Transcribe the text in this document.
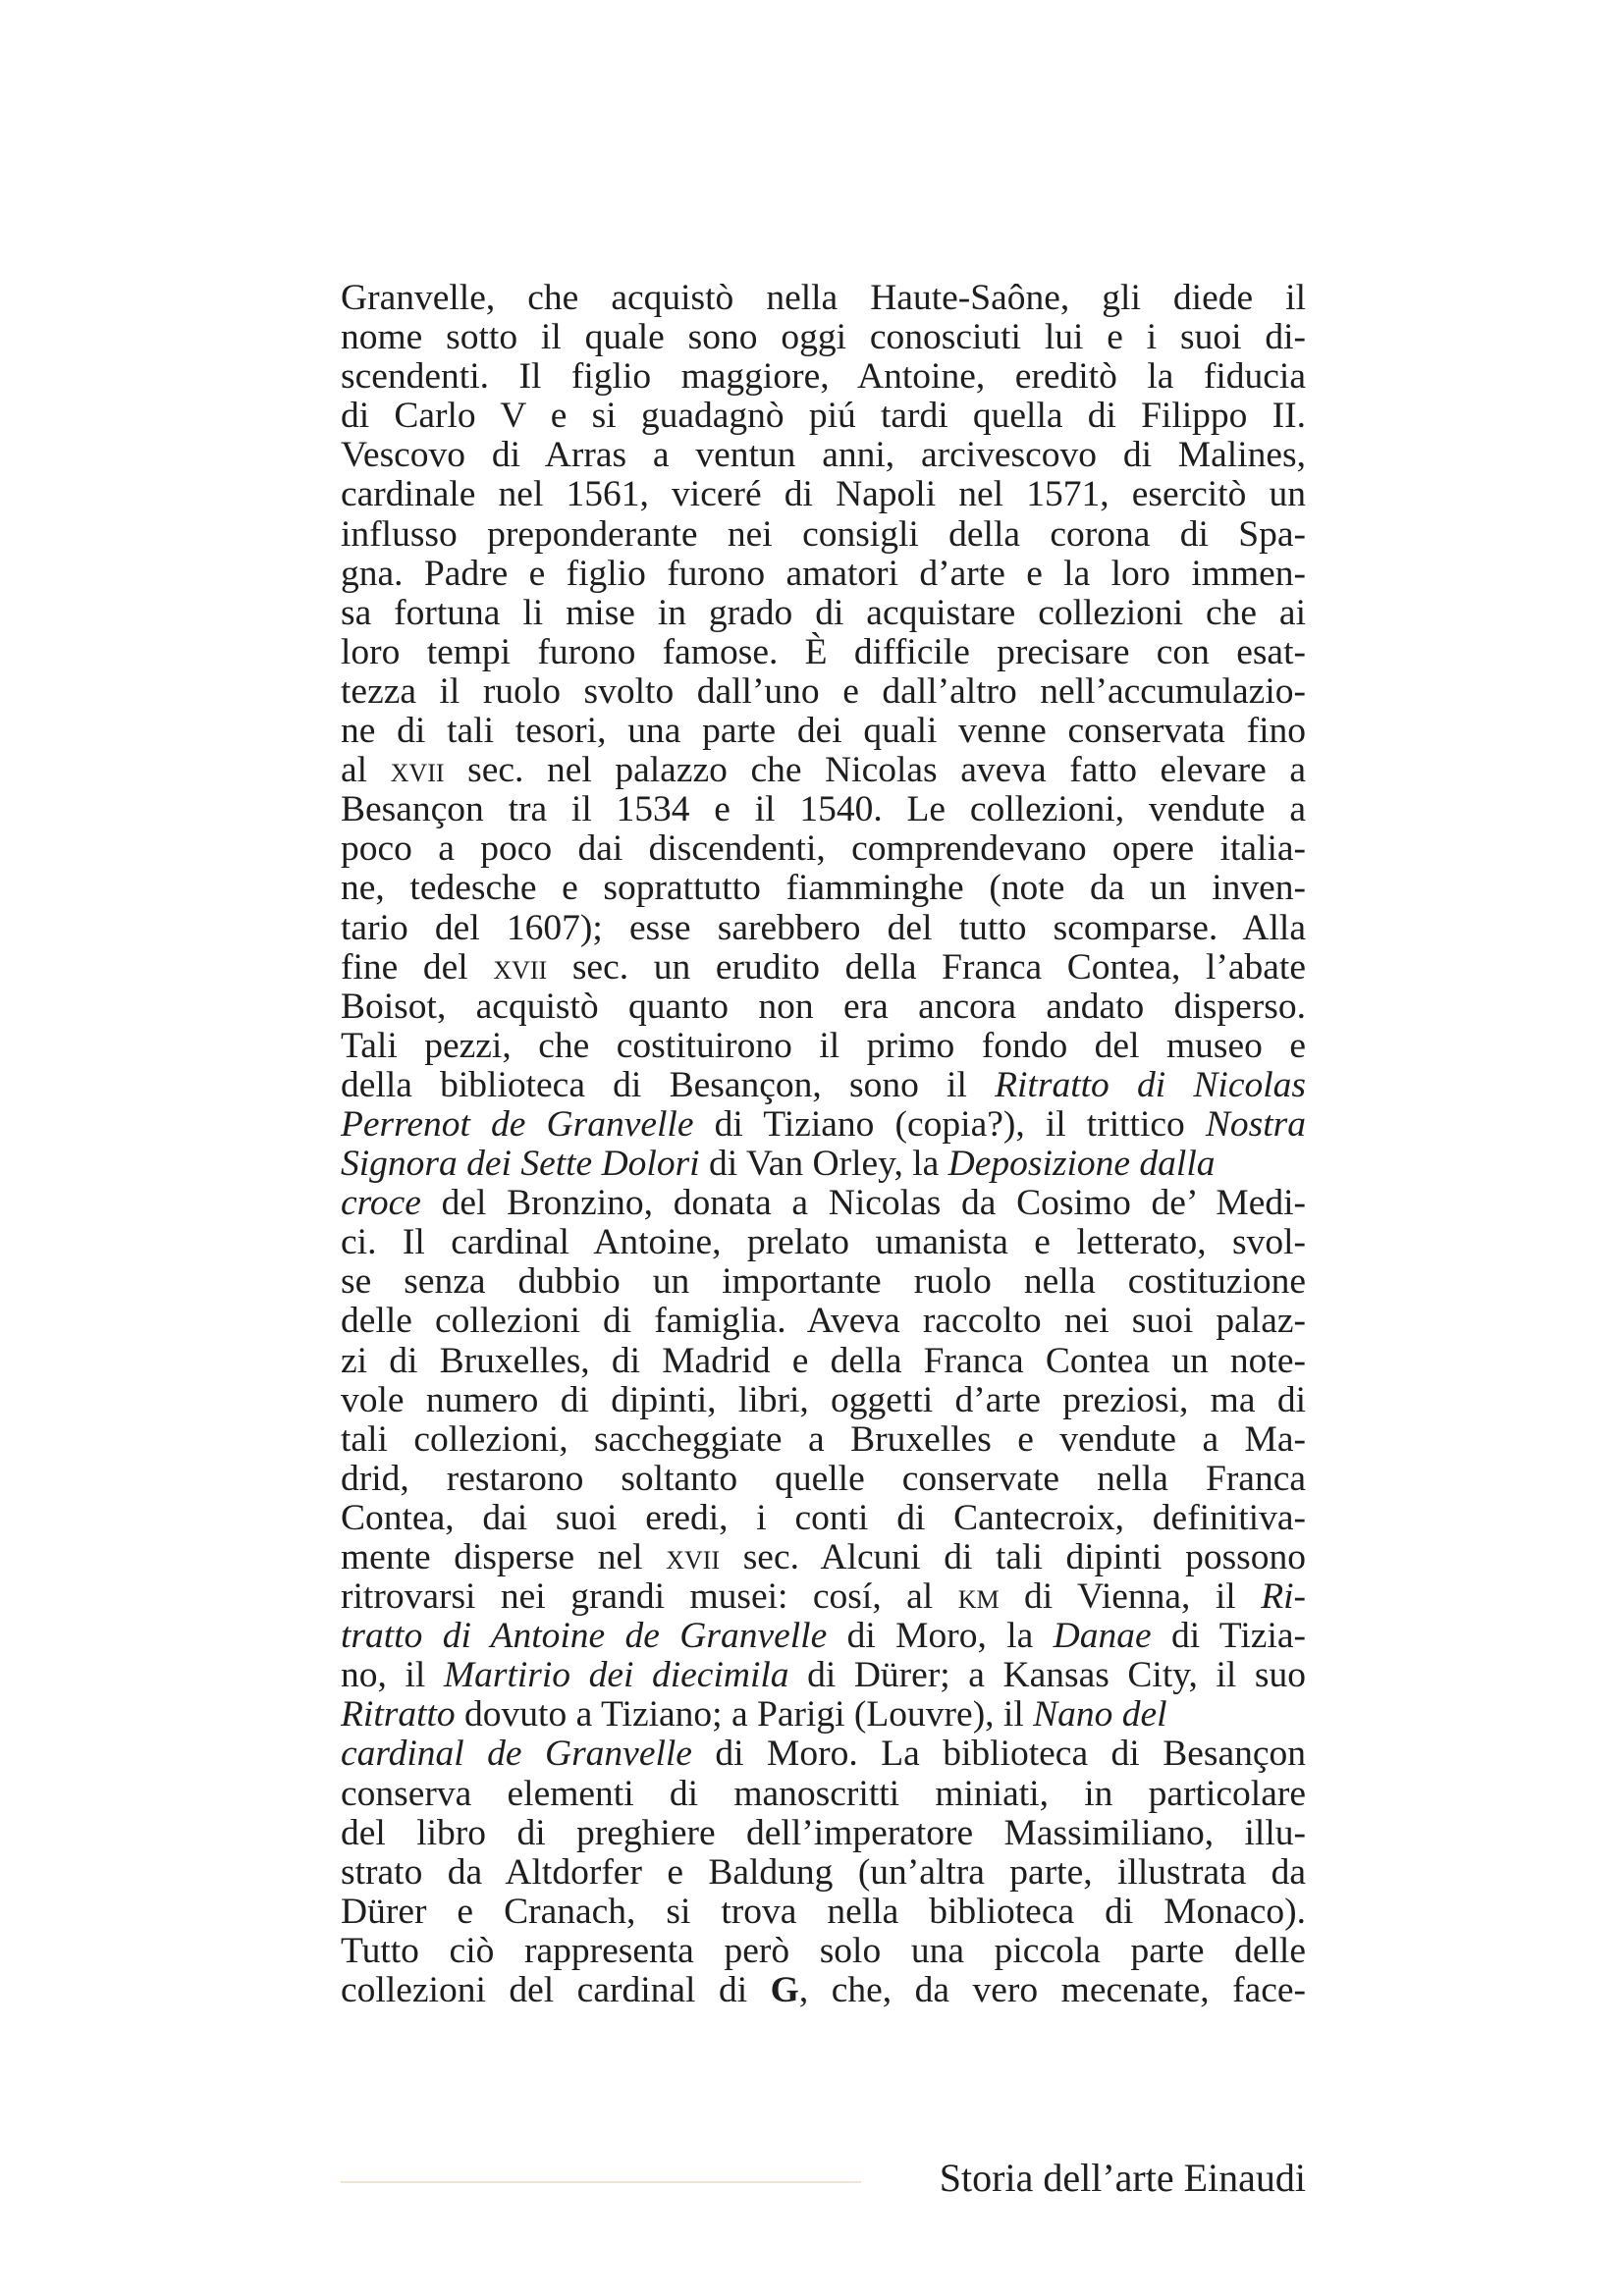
Granvelle, che acquistò nella Haute-Saône, gli diede il
nome sotto il quale sono oggi conosciuti lui e i suoi di-
scendenti. Il figlio maggiore, Antoine, ereditò la fiducia
di Carlo V e si guadagnò piú tardi quella di Filippo II.
Vescovo di Arras a ventun anni, arcivescovo di Malines,
cardinale nel 1561, viceré di Napoli nel 1571, esercitò un
influsso preponderante nei consigli della corona di Spa-
gna. Padre e figlio furono amatori d’arte e la loro immen-
sa fortuna li mise in grado di acquistare collezioni che ai
loro tempi furono famose. È difficile precisare con esat-
tezza il ruolo svolto dall’uno e dall’altro nell’accumulazio-
ne di tali tesori, una parte dei quali venne conservata fino
al xvii sec. nel palazzo che Nicolas aveva fatto elevare a
Besançon tra il 1534 e il 1540. Le collezioni, vendute a
poco a poco dai discendenti, comprendevano opere italia-
ne, tedesche e soprattutto fiamminghe (note da un inven-
tario del 1607); esse sarebbero del tutto scomparse. Alla
fine del xvii sec. un erudito della Franca Contea, l’abate
Boisot, acquistò quanto non era ancora andato disperso.
Tali pezzi, che costituirono il primo fondo del museo e
della biblioteca di Besançon, sono il Ritratto di Nicolas
Perrenot de Granvelle di Tiziano (copia?), il trittico Nostra
Signora dei Sette Dolori di Van Orley, la Deposizione dalla
croce del Bronzino, donata a Nicolas da Cosimo de’ Medi-
ci. Il cardinal Antoine, prelato umanista e letterato, svol-
se senza dubbio un importante ruolo nella costituzione
delle collezioni di famiglia. Aveva raccolto nei suoi palaz-
zi di Bruxelles, di Madrid e della Franca Contea un note-
vole numero di dipinti, libri, oggetti d’arte preziosi, ma di
tali collezioni, saccheggiate a Bruxelles e vendute a Ma-
drid, restarono soltanto quelle conservate nella Franca
Contea, dai suoi eredi, i conti di Cantecroix, definitiva-
mente disperse nel xvii sec. Alcuni di tali dipinti possono
ritrovarsi nei grandi musei: cosí, al km di Vienna, il Ri-
tratto di Antoine de Granvelle di Moro, la Danae di Tizia-
no, il Martirio dei diecimila di Dürer; a Kansas City, il suo
Ritratto dovuto a Tiziano; a Parigi (Louvre), il Nano del
cardinal de Granvelle di Moro. La biblioteca di Besançon
conserva elementi di manoscritti miniati, in particolare
del libro di preghiere dell’imperatore Massimiliano, illu-
strato da Altdorfer e Baldung (un’altra parte, illustrata da
Dürer e Cranach, si trova nella biblioteca di Monaco).
Tutto ciò rappresenta però solo una piccola parte delle
collezioni del cardinal di G, che, da vero mecenate, face-
Storia dell’arte Einaudi
